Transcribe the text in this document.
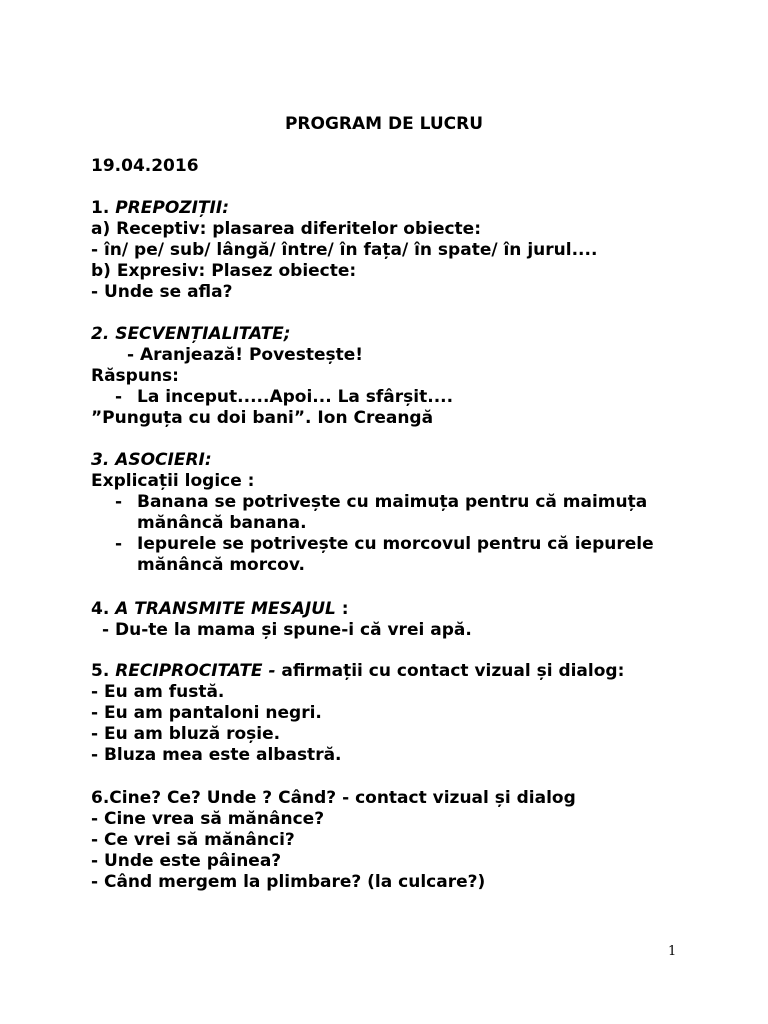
PROGRAM DE LUCRU

19.04.2016

1. PREPOZIȚII:

a) Receptiv: plasarea diferitelor obiecte:

- în/ pe/ sub/ lângă/ între/ în fața/ în spate/ în jurul....

b) Expresiv: Plasez obiecte:

- Unde se afla?

2. SECVENȚIALITATE;

- Aranjează! Povestește!

Răspuns:

- La inceput.....Apoi... La sfârșit....

”Punguța cu doi bani”. Ion Creangă

3. ASOCIERI:

Explicații logice :

- Banana se potrivește cu maimuța pentru că maimuța

mănâncă banana.

- Iepurele se potrivește cu morcovul pentru că iepurele

mănâncă morcov.

4. A TRANSMITE MESAJUL :

- Du-te la mama și spune-i că vrei apă.

5. RECIPROCITATE - afirmații cu contact vizual și dialog:

- Eu am fustă.

- Eu am pantaloni negri.

- Eu am bluză roșie.

- Bluza mea este albastră.

6.Cine? Ce? Unde ? Când? - contact vizual și dialog

- Cine vrea să mănânce?

- Ce vrei să mănânci?

- Unde este pâinea?

- Când mergem la plimbare? (la culcare?)

1
